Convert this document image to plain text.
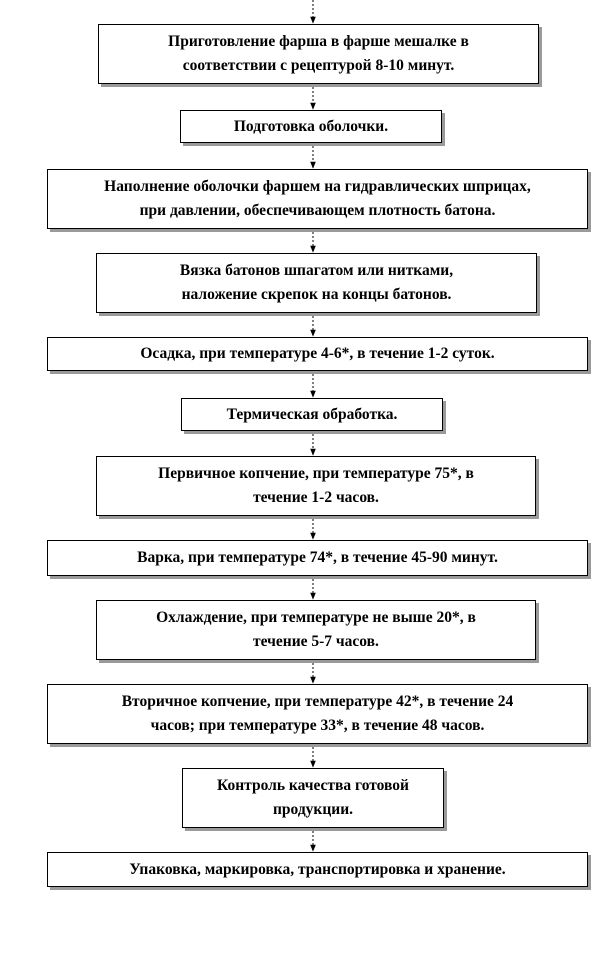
Приготовление фарша в фарше мешалке в
соответствии с рецептурой 8-10 минут.
Подготовка оболочки.
Наполнение оболочки фаршем на гидравлических шприцах,
при давлении, обеспечивающем плотность батона.
Вязка батонов шпагатом или нитками,
наложение скрепок на концы батонов.
Осадка, при температуре 4-6*, в течение 1-2 суток.
Термическая обработка.
Первичное копчение, при температуре 75*, в
течение 1-2 часов.
Варка, при температуре 74*, в течение 45-90 минут.
Охлаждение, при температуре не выше 20*, в
течение 5-7 часов.
Вторичное копчение, при температуре 42*, в течение 24
часов; при температуре 33*, в течение 48 часов.
Контроль качества готовой
продукции.
Упаковка, маркировка, транспортировка и хранение.
